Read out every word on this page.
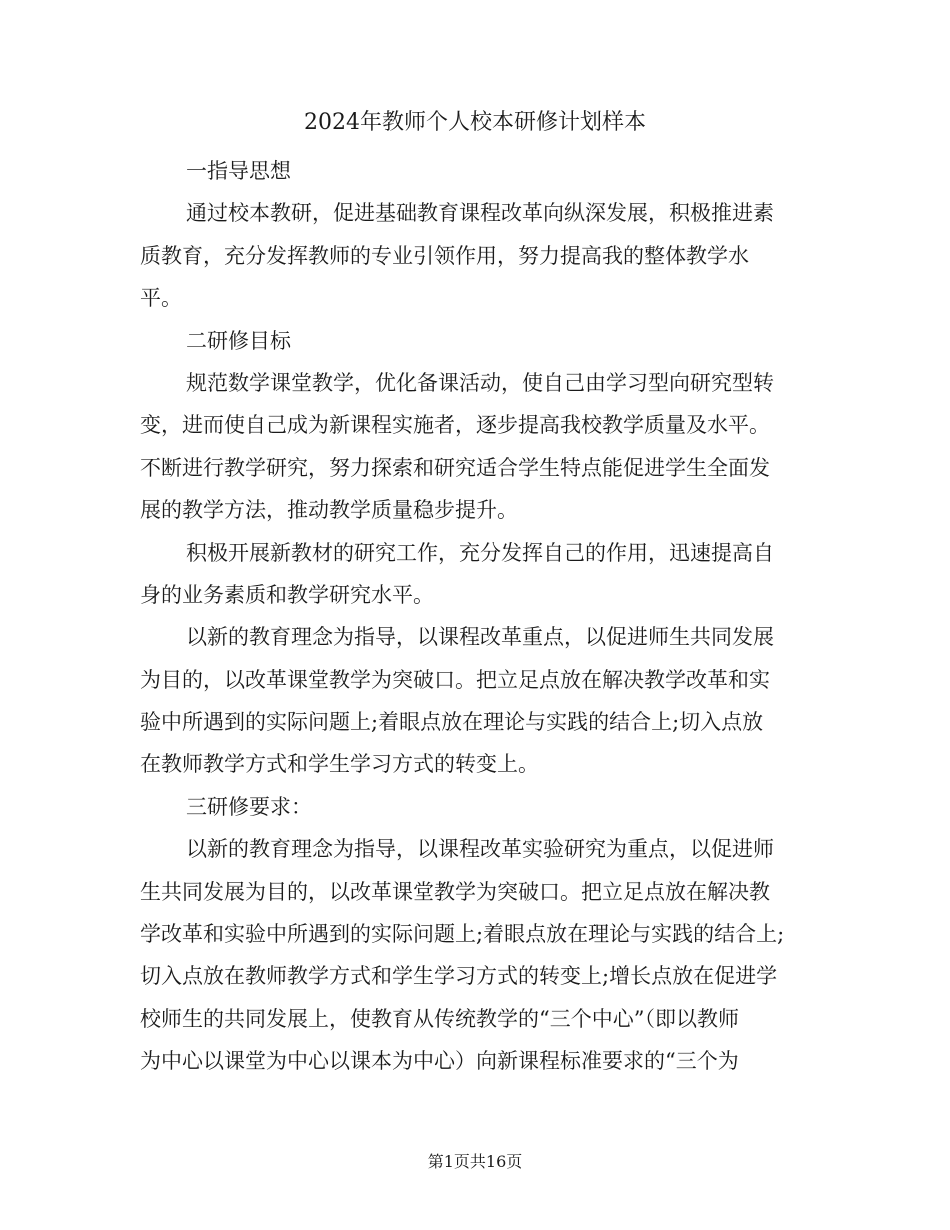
2024年教师个人校本研修计划样本
一指导思想
通过校本教研，促进基础教育课程改革向纵深发展，积极推进素
质教育，充分发挥教师的专业引领作用，努力提高我的整体教学水
平。
二研修目标
规范数学课堂教学，优化备课活动，使自己由学习型向研究型转
变，进而使自己成为新课程实施者，逐步提高我校教学质量及水平。
不断进行教学研究，努力探索和研究适合学生特点能促进学生全面发
展的教学方法，推动教学质量稳步提升。
积极开展新教材的研究工作，充分发挥自己的作用，迅速提高自
身的业务素质和教学研究水平。
以新的教育理念为指导，以课程改革重点，以促进师生共同发展
为目的，以改革课堂教学为突破口。把立足点放在解决教学改革和实
验中所遇到的实际问题上;着眼点放在理论与实践的结合上;切入点放
在教师教学方式和学生学习方式的转变上。
三研修要求：
以新的教育理念为指导，以课程改革实验研究为重点，以促进师
生共同发展为目的，以改革课堂教学为突破口。把立足点放在解决教
学改革和实验中所遇到的实际问题上;着眼点放在理论与实践的结合上;
切入点放在教师教学方式和学生学习方式的转变上;增长点放在促进学
校师生的共同发展上，使教育从传统教学的“三个中心”（即以教师
为中心以课堂为中心以课本为中心）向新课程标准要求的“三个为
第1页共16页
